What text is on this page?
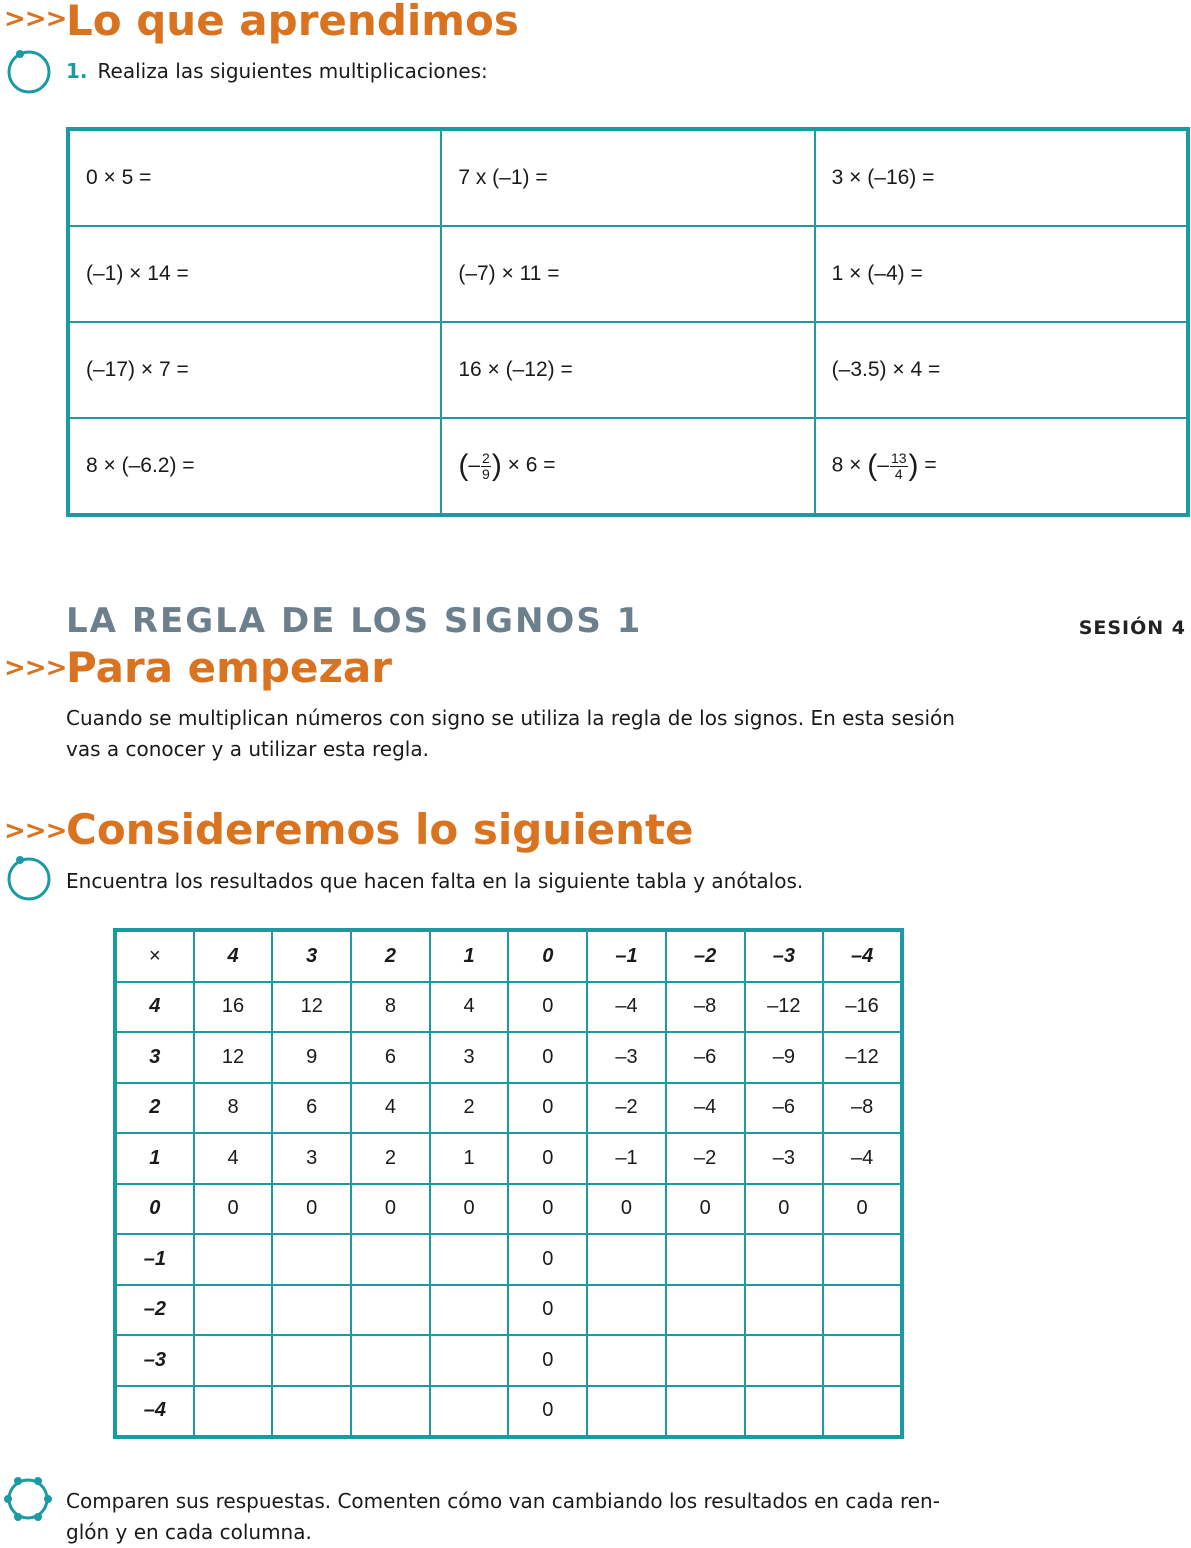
>>> Lo que aprendimos

1. Realiza las siguientes multiplicaciones:

0 × 5 =	7 x (–1) =	3 × (–16) =
(–1) × 14 =	(–7) × 11 =	1 × (–4) =
(–17) × 7 =	16 × (–12) =	(–3.5) × 4 =
8 × (–6.2) =	(– $\frac{2}{9}$ ) × 6 =	8 × (– $\frac{13}{4}$ ) =
LA REGLA DE LOS SIGNOS 1	SESIÓN 4
>>> Para empezar

Cuando se multiplican números con signo se utiliza la regla de los signos. En esta sesión
vas a conocer y a utilizar esta regla.

>>> Consideremos lo siguiente

Encuentra los resultados que hacen falta en la siguiente tabla y anótalos.

×	4	3	2	1	0	–1	–2	–3	–4
4	16	12	8	4	0	–4	–8	–12	–16
3	12	9	6	3	0	–3	–6	–9	–12
2	8	6	4	2	0	–2	–4	–6	–8
1	4	3	2	1	0	–1	–2	–3	–4
0	0	0	0	0	0	0	0	0	0
–1					0				
–2					0				
–3					0				
–4					0				

Comparen sus respuestas. Comenten cómo van cambiando los resultados en cada ren-
glón y en cada columna.
